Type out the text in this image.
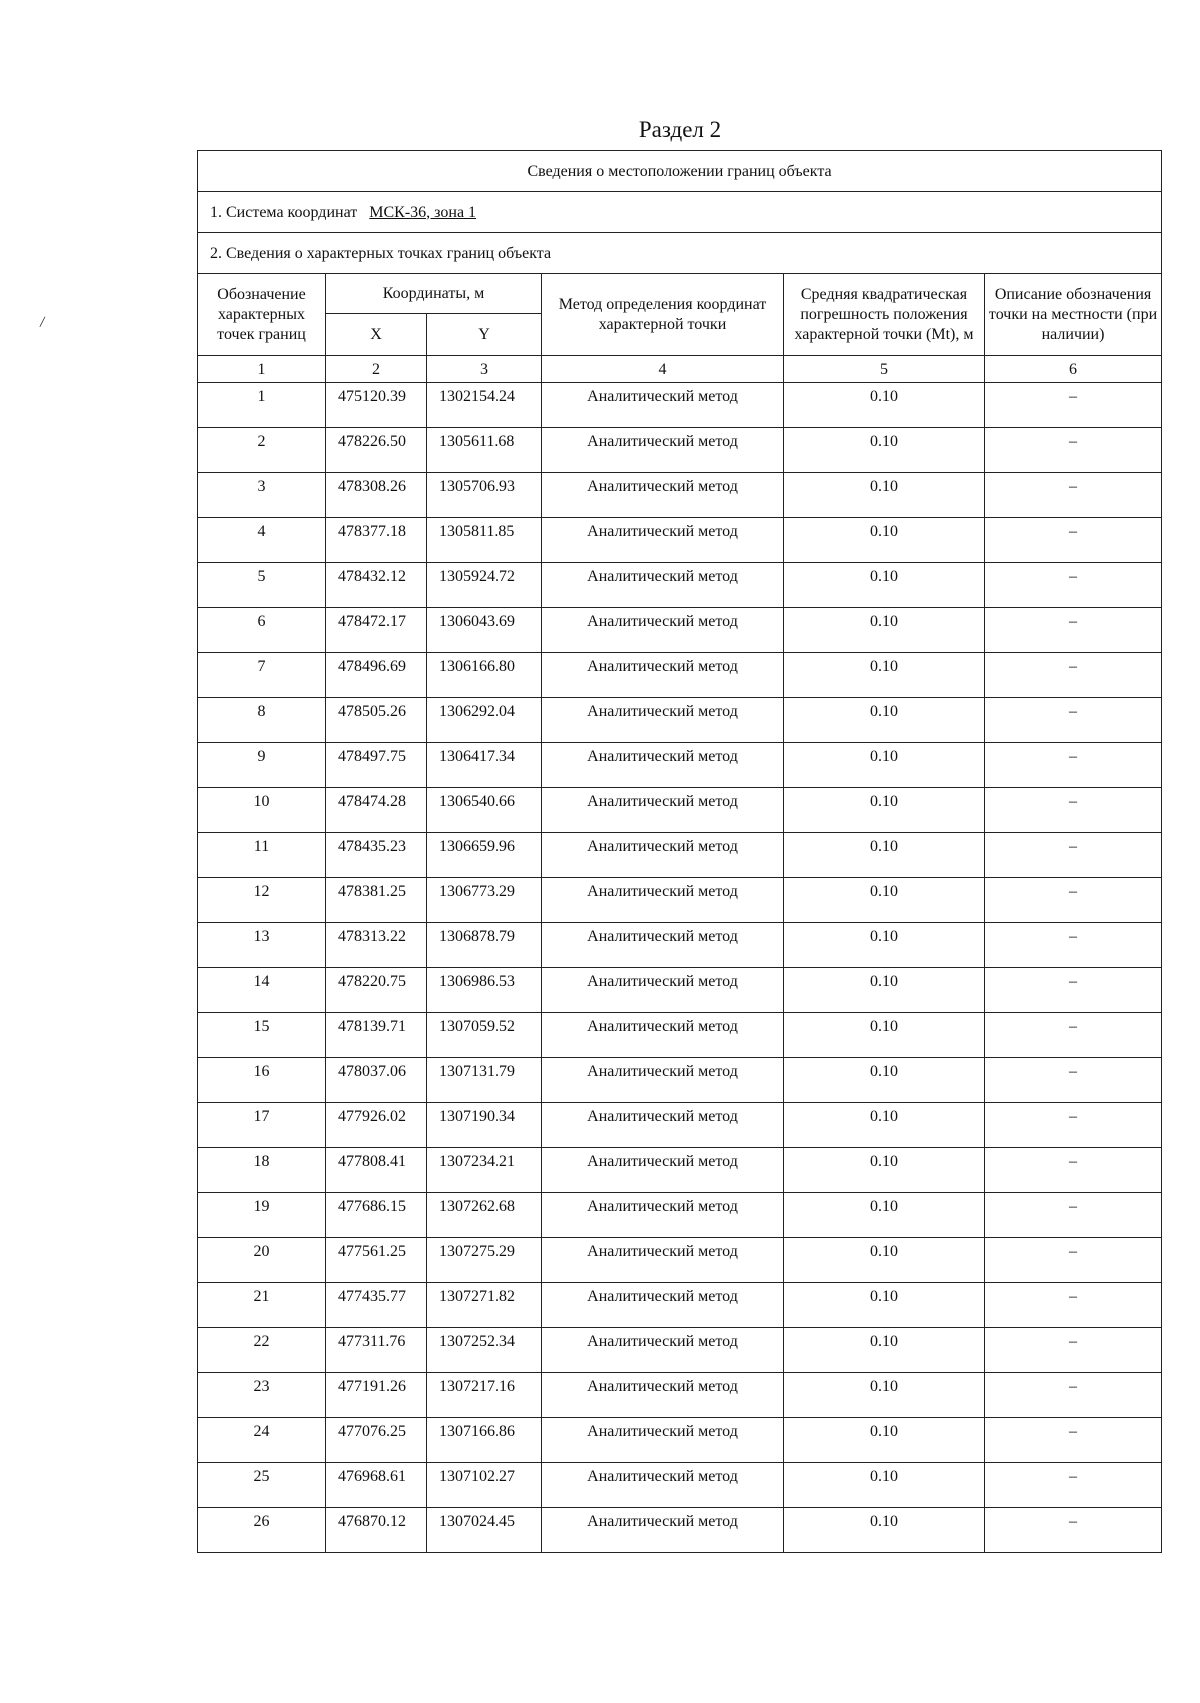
Раздел 2
/
Сведения о местоположении границ объекта					
1. Система координат МСК-36, зона 1					
2. Сведения о характерных точках границ объекта					
Обозначение характерных точек границ	Координаты, м		Метод определения координат характерной точки	Средняя квадратическая погрешность положения характерной точки (Mt), м	Описание обозначения точки на местности (при наличии)
	X	Y			
1	2	3	4	5	6
1	475120.39	1302154.24	Аналитический метод	0.10	–
2	478226.50	1305611.68	Аналитический метод	0.10	–
3	478308.26	1305706.93	Аналитический метод	0.10	–
4	478377.18	1305811.85	Аналитический метод	0.10	–
5	478432.12	1305924.72	Аналитический метод	0.10	–
6	478472.17	1306043.69	Аналитический метод	0.10	–
7	478496.69	1306166.80	Аналитический метод	0.10	–
8	478505.26	1306292.04	Аналитический метод	0.10	–
9	478497.75	1306417.34	Аналитический метод	0.10	–
10	478474.28	1306540.66	Аналитический метод	0.10	–
11	478435.23	1306659.96	Аналитический метод	0.10	–
12	478381.25	1306773.29	Аналитический метод	0.10	–
13	478313.22	1306878.79	Аналитический метод	0.10	–
14	478220.75	1306986.53	Аналитический метод	0.10	–
15	478139.71	1307059.52	Аналитический метод	0.10	–
16	478037.06	1307131.79	Аналитический метод	0.10	–
17	477926.02	1307190.34	Аналитический метод	0.10	–
18	477808.41	1307234.21	Аналитический метод	0.10	–
19	477686.15	1307262.68	Аналитический метод	0.10	–
20	477561.25	1307275.29	Аналитический метод	0.10	–
21	477435.77	1307271.82	Аналитический метод	0.10	–
22	477311.76	1307252.34	Аналитический метод	0.10	–
23	477191.26	1307217.16	Аналитический метод	0.10	–
24	477076.25	1307166.86	Аналитический метод	0.10	–
25	476968.61	1307102.27	Аналитический метод	0.10	–
26	476870.12	1307024.45	Аналитический метод	0.10	–
